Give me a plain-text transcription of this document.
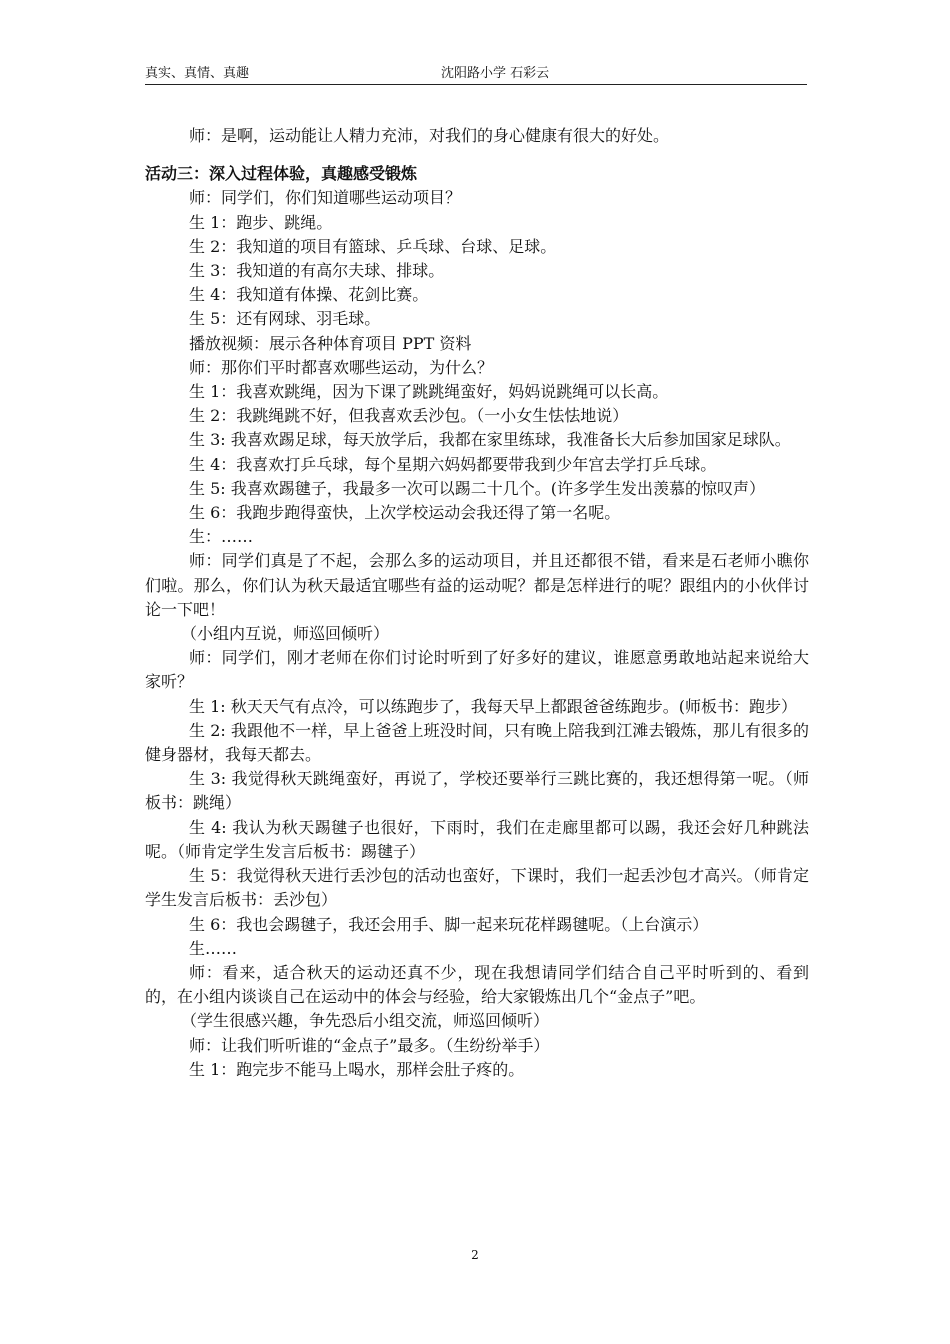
真实、真情、真趣	沈阳路小学 石彩云

师：是啊，运动能让人精力充沛，对我们的身心健康有很大的好处。

活动三：深入过程体验，真趣感受锻炼

师：同学们，你们知道哪些运动项目？

生 1：跑步、跳绳。

生 2：我知道的项目有篮球、乒乓球、台球、足球。

生 3：我知道的有高尔夫球、排球。

生 4：我知道有体操、花剑比赛。

生 5：还有网球、羽毛球。

播放视频：展示各种体育项目 PPT 资料

师：那你们平时都喜欢哪些运动，为什么？

生 1：我喜欢跳绳，因为下课了跳跳绳蛮好，妈妈说跳绳可以长高。

生 2：我跳绳跳不好，但我喜欢丢沙包。（一小女生怯怯地说）

生 3: 我喜欢踢足球，每天放学后，我都在家里练球，我准备长大后参加国家足球队。

生 4：我喜欢打乒乓球，每个星期六妈妈都要带我到少年宫去学打乒乓球。

生 5: 我喜欢踢毽子，我最多一次可以踢二十几个。(许多学生发出羡慕的惊叹声）

生 6：我跑步跑得蛮快，上次学校运动会我还得了第一名呢。

生：……

师：同学们真是了不起，会那么多的运动项目，并且还都很不错，看来是石老师小瞧你们啦。那么，你们认为秋天最适宜哪些有益的运动呢？都是怎样进行的呢？跟组内的小伙伴讨论一下吧！

（小组内互说，师巡回倾听）

师：同学们，刚才老师在你们讨论时听到了好多好的建议，谁愿意勇敢地站起来说给大家听？

生 1: 秋天天气有点冷，可以练跑步了，我每天早上都跟爸爸练跑步。(师板书：跑步）

生 2: 我跟他不一样，早上爸爸上班没时间，只有晚上陪我到江滩去锻炼，那儿有很多的健身器材，我每天都去。

生 3: 我觉得秋天跳绳蛮好，再说了，学校还要举行三跳比赛的，我还想得第一呢。（师板书：跳绳）

生 4: 我认为秋天踢毽子也很好，下雨时，我们在走廊里都可以踢，我还会好几种跳法呢。（师肯定学生发言后板书：踢毽子）

生 5：我觉得秋天进行丢沙包的活动也蛮好，下课时，我们一起丢沙包才高兴。（师肯定学生发言后板书：丢沙包）

生 6：我也会踢毽子，我还会用手、脚一起来玩花样踢毽呢。（上台演示）

生……

师：看来，适合秋天的运动还真不少，现在我想请同学们结合自己平时听到的、看到的，在小组内谈谈自己在运动中的体会与经验，给大家锻炼出几个“金点子”吧。

（学生很感兴趣，争先恐后小组交流，师巡回倾听）

师：让我们听听谁的“金点子”最多。（生纷纷举手）

生 1：跑完步不能马上喝水，那样会肚子疼的。

2
